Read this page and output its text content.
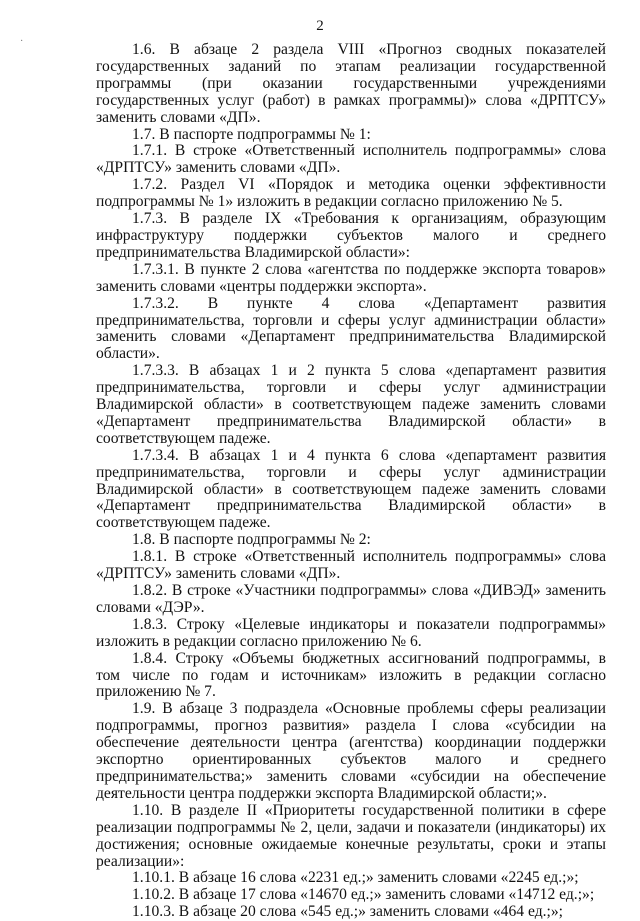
·
2

1.6. В абзаце 2 раздела VIII «Прогноз сводных показателей государственных заданий по этапам реализации государственной программы (при оказании государственными учреждениями государственных услуг (работ) в рамках программы)» слова «ДРПТСУ» заменить словами «ДП».

1.7. В паспорте подпрограммы № 1:

1.7.1. В строке «Ответственный исполнитель подпрограммы» слова «ДРПТСУ» заменить словами «ДП».

1.7.2. Раздел VI «Порядок и методика оценки эффективности подпрограммы № 1» изложить в редакции согласно приложению № 5.

1.7.3. В разделе IX «Требования к организациям, образующим инфраструктуру поддержки субъектов малого и среднего предпринимательства Владимирской области»:

1.7.3.1. В пункте 2 слова «агентства по поддержке экспорта товаров» заменить словами «центры поддержки экспорта».

1.7.3.2. В пункте 4 слова «Департамент развития предпринимательства, торговли и сферы услуг администрации области» заменить словами «Департамент предпринимательства Владимирской области».

1.7.3.3. В абзацах 1 и 2 пункта 5 слова «департамент развития предпринимательства, торговли и сферы услуг администрации Владимирской области» в соответствующем падеже заменить словами «Департамент предпринимательства Владимирской области» в соответствующем падеже.

1.7.3.4. В абзацах 1 и 4 пункта 6 слова «департамент развития предпринимательства, торговли и сферы услуг администрации Владимирской области» в соответствующем падеже заменить словами «Департамент предпринимательства Владимирской области» в соответствующем падеже.

1.8. В паспорте подпрограммы № 2:

1.8.1. В строке «Ответственный исполнитель подпрограммы» слова «ДРПТСУ» заменить словами «ДП».

1.8.2. В строке «Участники подпрограммы» слова «ДИВЭД» заменить словами «ДЭР».

1.8.3. Строку «Целевые индикаторы и показатели подпрограммы» изложить в редакции согласно приложению № 6.

1.8.4. Строку «Объемы бюджетных ассигнований подпрограммы, в том числе по годам и источникам» изложить в редакции согласно приложению № 7.

1.9. В абзаце 3 подраздела «Основные проблемы сферы реализации подпрограммы, прогноз развития» раздела I слова «субсидии на обеспечение деятельности центра (агентства) координации поддержки экспортно ориентированных субъектов малого и среднего предпринимательства;» заменить словами «субсидии на обеспечение деятельности центра поддержки экспорта Владимирской области;».

1.10. В разделе II «Приоритеты государственной политики в сфере реализации подпрограммы № 2, цели, задачи и показатели (индикаторы) их достижения; основные ожидаемые конечные результаты, сроки и этапы реализации»:

1.10.1. В абзаце 16 слова «2231 ед.;» заменить словами «2245 ед.;»;

1.10.2. В абзаце 17 слова «14670 ед.;» заменить словами «14712 ед.;»;

1.10.3. В абзаце 20 слова «545 ед.;» заменить словами «464 ед.;»;
